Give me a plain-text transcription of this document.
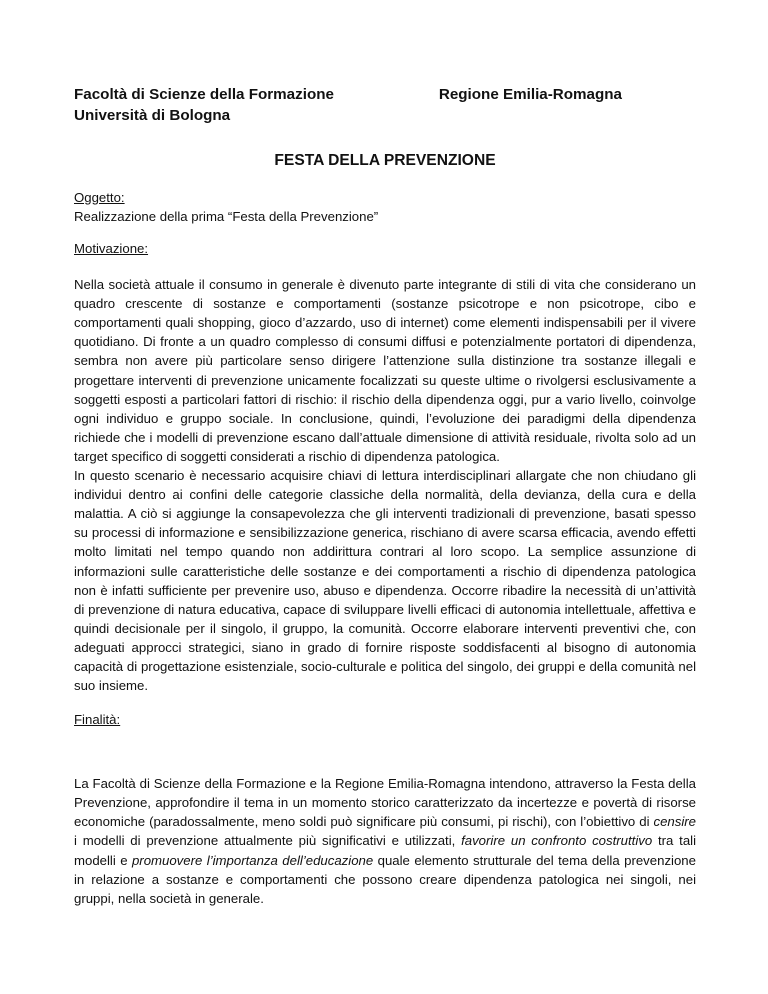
Facoltà di Scienze della Formazione
Università di Bologna
Regione Emilia-Romagna
FESTA DELLA PREVENZIONE
Oggetto:
Realizzazione della prima “Festa della Prevenzione”
Motivazione:

Nella società attuale il consumo in generale è divenuto parte integrante di stili di vita che considerano un quadro crescente di sostanze e comportamenti (sostanze psicotrope e non psicotrope, cibo e comportamenti quali shopping, gioco d’azzardo, uso di internet) come elementi indispensabili per il vivere quotidiano. Di fronte a un quadro complesso di consumi diffusi e potenzialmente portatori di dipendenza, sembra non avere più particolare senso dirigere l’attenzione sulla distinzione tra sostanze illegali e progettare interventi di prevenzione unicamente focalizzati su queste ultime o rivolgersi esclusivamente a soggetti esposti a particolari fattori di rischio: il rischio della dipendenza oggi, pur a vario livello, coinvolge ogni individuo e gruppo sociale. In conclusione, quindi, l’evoluzione dei paradigmi della dipendenza richiede che i modelli di prevenzione escano dall’attuale dimensione di attività residuale, rivolta solo ad un target specifico di soggetti considerati a rischio di dipendenza patologica.

In questo scenario è necessario acquisire chiavi di lettura interdisciplinari allargate che non chiudano gli individui dentro ai confini delle categorie classiche della normalità, della devianza, della cura e della malattia. A ciò si aggiunge la consapevolezza che gli interventi tradizionali di prevenzione, basati spesso su processi di informazione e sensibilizzazione generica, rischiano di avere scarsa efficacia, avendo effetti molto limitati nel tempo quando non addirittura contrari al loro scopo. La semplice assunzione di informazioni sulle caratteristiche delle sostanze e dei comportamenti a rischio di dipendenza patologica non è infatti sufficiente per prevenire uso, abuso e dipendenza. Occorre ribadire la necessità di un’attività di prevenzione di natura educativa, capace di sviluppare livelli efficaci di autonomia intellettuale, affettiva e quindi decisionale per il singolo, il gruppo, la comunità. Occorre elaborare interventi preventivi che, con adeguati approcci strategici, siano in grado di fornire risposte soddisfacenti al bisogno di autonomia capacità di progettazione esistenziale, socio-culturale e politica del singolo, dei gruppi e della comunità nel suo insieme.

Finalità:

La Facoltà di Scienze della Formazione e la Regione Emilia-Romagna intendono, attraverso la Festa della Prevenzione, approfondire il tema in un momento storico caratterizzato da incertezze e povertà di risorse economiche (paradossalmente, meno soldi può significare più consumi, pi rischi), con l’obiettivo di censire i modelli di prevenzione attualmente più significativi e utilizzati, favorire un confronto costruttivo tra tali modelli e promuovere l’importanza dell’educazione quale elemento strutturale del tema della prevenzione in relazione a sostanze e comportamenti che possono creare dipendenza patologica nei singoli, nei gruppi, nella società in generale.
